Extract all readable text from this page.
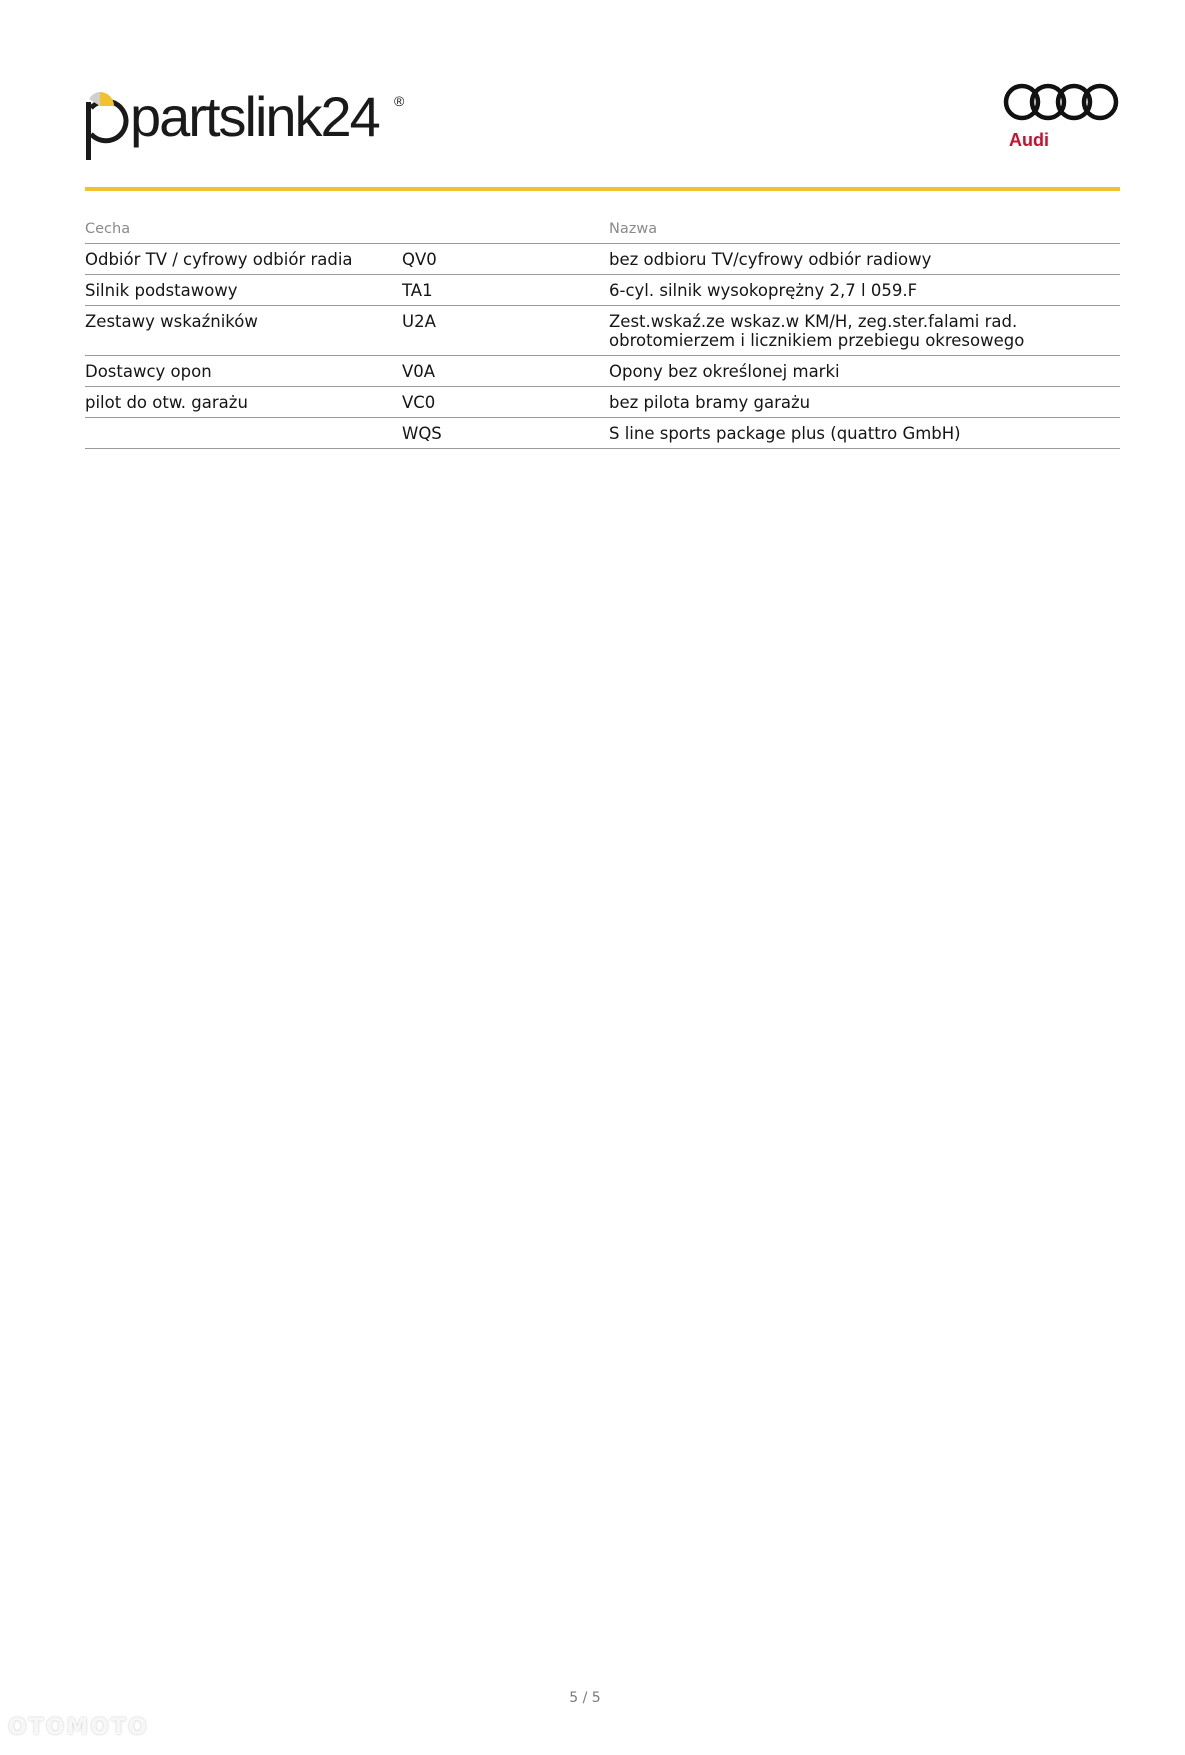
partslink24 ®
Audi
Cecha		Nazwa
Odbiór TV / cyfrowy odbiór radia	QV0	bez odbioru TV/cyfrowy odbiór radiowy

Silnik podstawowy	TA1	6-cyl. silnik wysokoprężny 2,7 l 059.F

Zestawy wskaźników	U2A	Zest.wskaź.ze wskaz.w KM/H, zeg.ster.falami rad.
obrotomierzem i licznikiem przebiegu okresowego

Dostawcy opon	V0A	Opony bez określonej marki

pilot do otw. garażu	VC0	bez pilota bramy garażu

	WQS	S line sports package plus (quattro GmbH)
5 / 5
OTOMOTO
